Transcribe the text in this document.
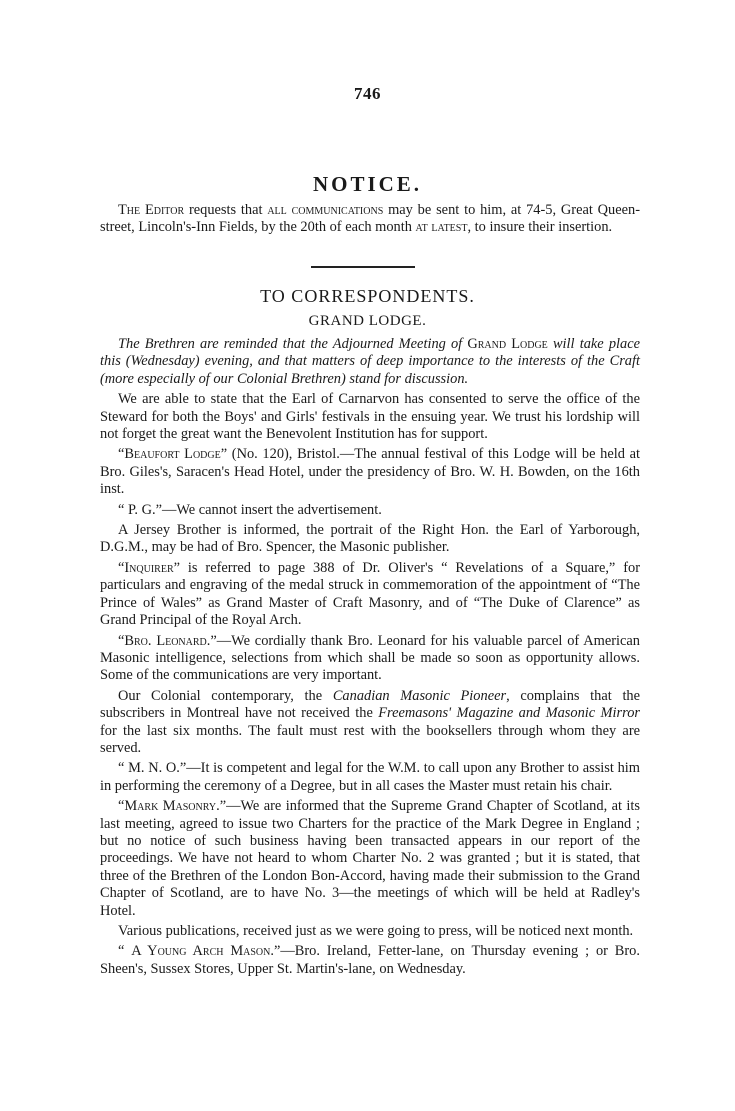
746
NOTICE.

The Editor requests that all communications may be sent to him, at 74-5, Great Queen-street, Lincoln's-Inn Fields, by the 20th of each month at latest, to insure their insertion.

TO CORRESPONDENTS.
GRAND LODGE.

The Brethren are reminded that the Adjourned Meeting of Grand Lodge will take place this (Wednesday) evening, and that matters of deep importance to the interests of the Craft (more especially of our Colonial Brethren) stand for discussion.

We are able to state that the Earl of Carnarvon has consented to serve the office of the Steward for both the Boys' and Girls' festivals in the ensuing year. We trust his lordship will not forget the great want the Benevolent Institution has for support.

“Beaufort Lodge” (No. 120), Bristol.—The annual festival of this Lodge will be held at Bro. Giles's, Saracen's Head Hotel, under the presidency of Bro. W. H. Bowden, on the 16th inst.

“ P. G.”—We cannot insert the advertisement.

A Jersey Brother is informed, the portrait of the Right Hon. the Earl of Yarborough, D.G.M., may be had of Bro. Spencer, the Masonic publisher.

“Inquirer” is referred to page 388 of Dr. Oliver's “ Revelations of a Square,” for particulars and engraving of the medal struck in commemoration of the appointment of “The Prince of Wales” as Grand Master of Craft Masonry, and of “The Duke of Clarence” as Grand Principal of the Royal Arch.

“Bro. Leonard.”—We cordially thank Bro. Leonard for his valuable parcel of American Masonic intelligence, selections from which shall be made so soon as opportunity allows. Some of the communications are very important.

Our Colonial contemporary, the Canadian Masonic Pioneer, complains that the subscribers in Montreal have not received the Freemasons' Magazine and Masonic Mirror for the last six months. The fault must rest with the booksellers through whom they are served.

“ M. N. O.”—It is competent and legal for the W.M. to call upon any Brother to assist him in performing the ceremony of a Degree, but in all cases the Master must retain his chair.

“Mark Masonry.”—We are informed that the Supreme Grand Chapter of Scotland, at its last meeting, agreed to issue two Charters for the practice of the Mark Degree in England ; but no notice of such business having been transacted appears in our report of the proceedings. We have not heard to whom Charter No. 2 was granted ; but it is stated, that three of the Brethren of the London Bon-Accord, having made their submission to the Grand Chapter of Scotland, are to have No. 3—the meetings of which will be held at Radley's Hotel.

Various publications, received just as we were going to press, will be noticed next month.

“ A Young Arch Mason.”—Bro. Ireland, Fetter-lane, on Thursday evening ; or Bro. Sheen's, Sussex Stores, Upper St. Martin's-lane, on Wednesday.
